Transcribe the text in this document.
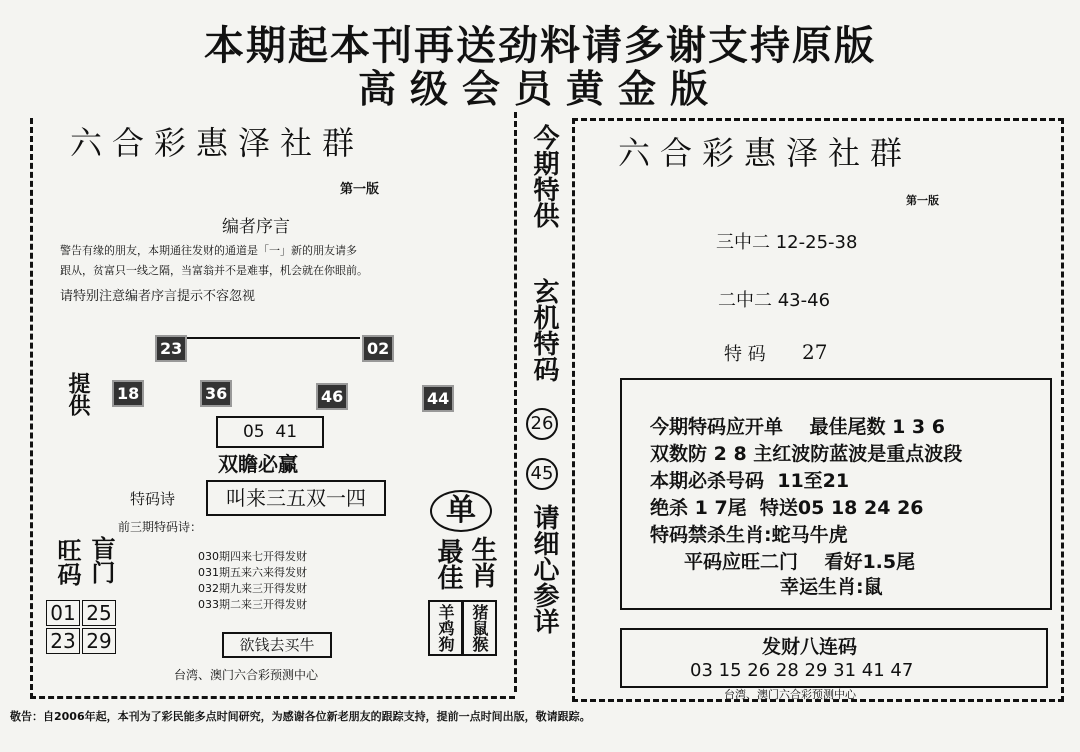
本期起本刊再送劲料请多谢支持原版
高级会员黄金版
六合彩惠泽社群
第一版
编者序言
警告有缘的朋友，本期通往发财的通道是「一」新的朋友请多
跟从，贫富只一线之隔，当富翁并不是难事，机会就在你眼前。
请特别注意编者序言提示不容忽视
23	02
提供	18	36	46	44
05  41
双瞻必赢
特码诗	叫来三五双一四
前三期特码诗：
030期四来七开得发财
031期五来六来得发财
032期九来三开得发财
033期二来三开得发财
旺码 盲门
01 25
23 29	欲钱去买牛
台湾、澳门六合彩预测中心
单
最佳 生肖
羊鸡狗 猪鼠猴
今期特供
玄机特码
26
45
请细心参详
六合彩惠泽社群
第一版
三中二 12-25-38
二中二 43-46
特 码 27
今期特码应开单    最佳尾数 1 3 6
双数防 2 8 主红波防蓝波是重点波段
本期必杀号码  11至21
绝杀 1 7尾  特送05 18 24 26
特码禁杀生肖:蛇马牛虎
平码应旺二门    看好1.5尾
幸运生肖:鼠
发财八连码
03 15 26 28 29 31 41 47
台湾、澳门六合彩预测中心
敬告：自2006年起，本刊为了彩民能多点时间研究，为感谢各位新老朋友的跟踪支持，提前一点时间出版，敬请跟踪。
